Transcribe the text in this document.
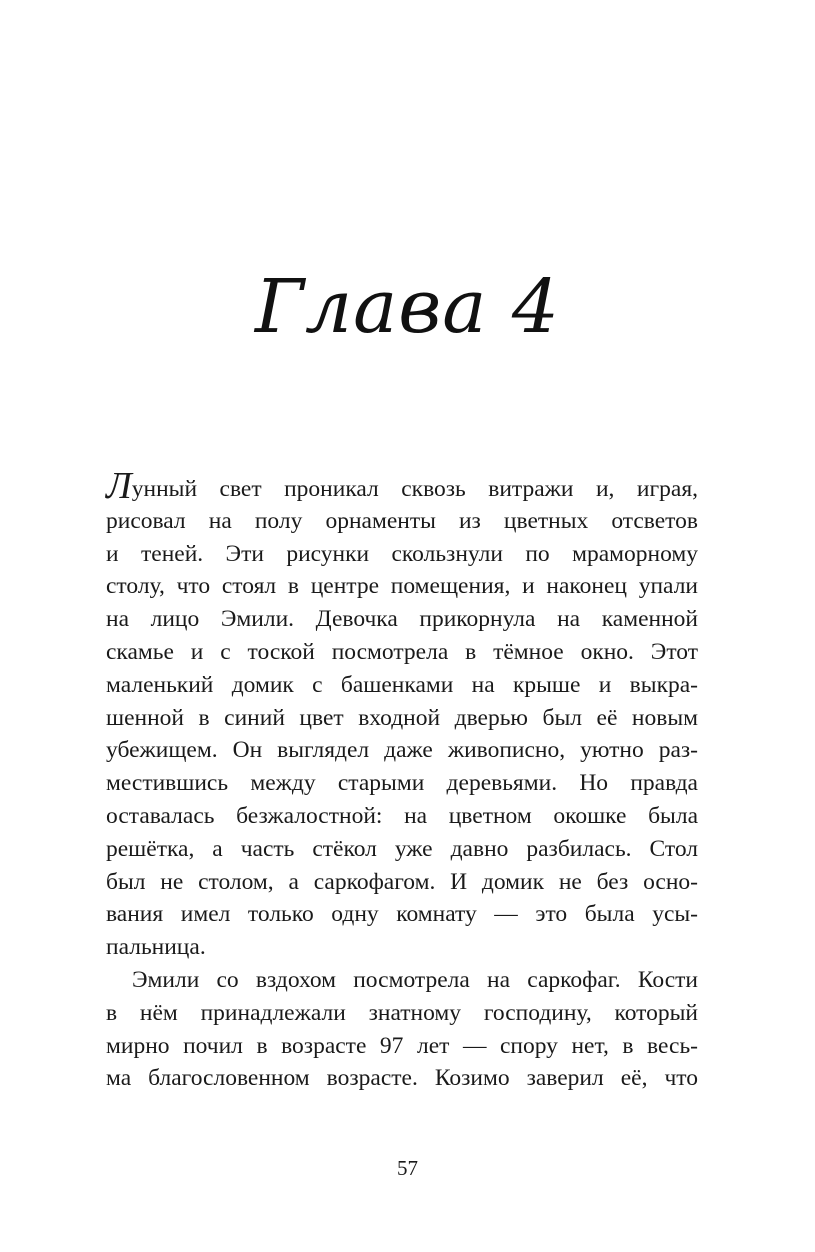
Глава 4
Лунный свет проникал сквозь витражи и, играя,
рисовал на полу орнаменты из цветных отсветов
и теней. Эти рисунки скользнули по мраморному
столу, что стоял в центре помещения, и наконец упали
на лицо Эмили. Девочка прикорнула на каменной
скамье и с тоской посмотрела в тёмное окно. Этот
маленький домик с башенками на крыше и выкра-
шенной в синий цвет входной дверью был её новым
убежищем. Он выглядел даже живописно, уютно раз-
местившись между старыми деревьями. Но правда
оставалась безжалостной: на цветном окошке была
решётка, а часть стёкол уже давно разбилась. Стол
был не столом, а саркофагом. И домик не без осно-
вания имел только одну комнату — это была усы-
пальница.
Эмили со вздохом посмотрела на саркофаг. Кости
в нём принадлежали знатному господину, который
мирно почил в возрасте 97 лет — спору нет, в весь-
ма благословенном возрасте. Козимо заверил её, что
57
